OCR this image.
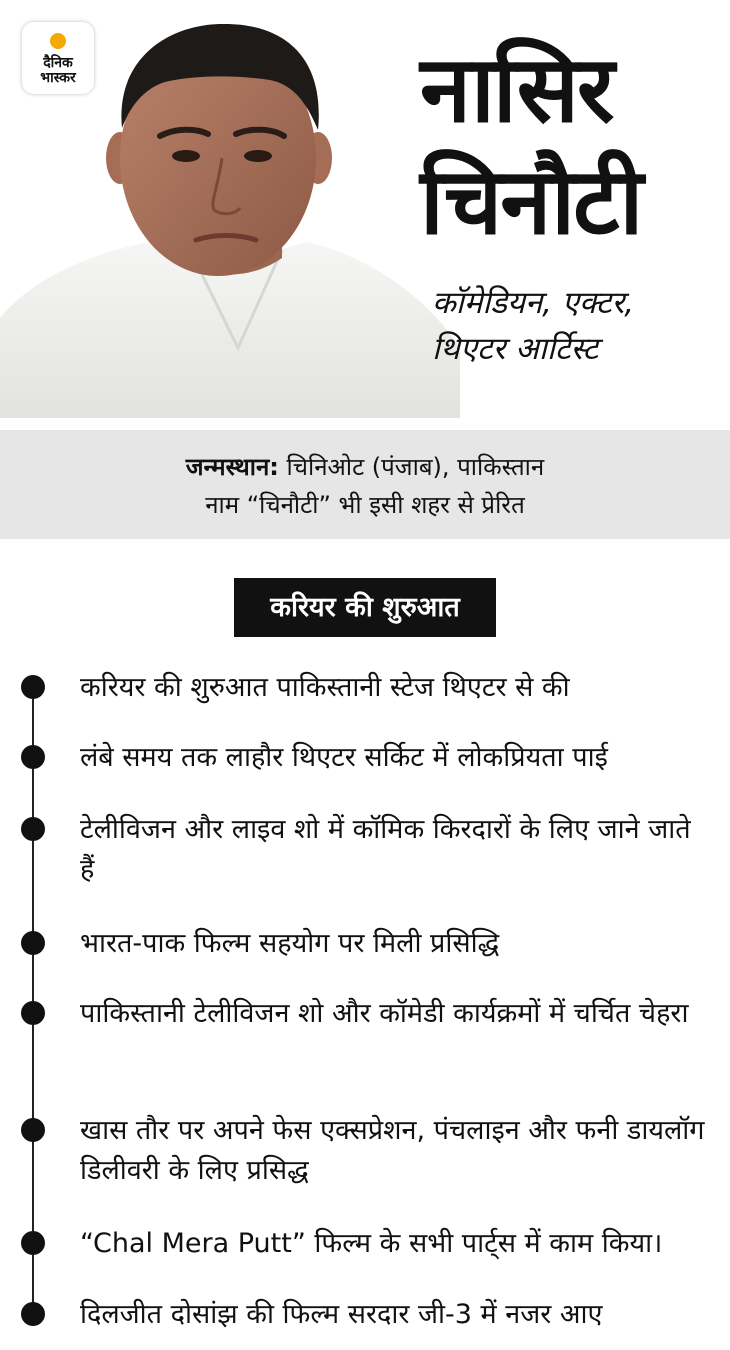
दैनिक
भास्कर	नासिर
चिनौटी
कॉमेडियन, एक्टर,
थिएटर आर्टिस्ट
जन्मस्थान: चिनिओट (पंजाब), पाकिस्तान
नाम “चिनौटी” भी इसी शहर से प्रेरित
करियर की शुरुआत
करियर की शुरुआत पाकिस्तानी स्टेज थिएटर से की
लंबे समय तक लाहौर थिएटर सर्किट में लोकप्रियता पाई
टेलीविजन और लाइव शो में कॉमिक किरदारों के लिए जाने जाते हैं
भारत-पाक फिल्म सहयोग पर मिली प्रसिद्धि
पाकिस्तानी टेलीविजन शो और कॉमेडी कार्यक्रमों में चर्चित चेहरा
खास तौर पर अपने फेस एक्सप्रेशन, पंचलाइन और फनी डायलॉग डिलीवरी के लिए प्रसिद्ध
“Chal Mera Putt” फिल्म के सभी पार्ट्स में काम किया।
दिलजीत दोसांझ की फिल्म सरदार जी-3 में नजर आए
